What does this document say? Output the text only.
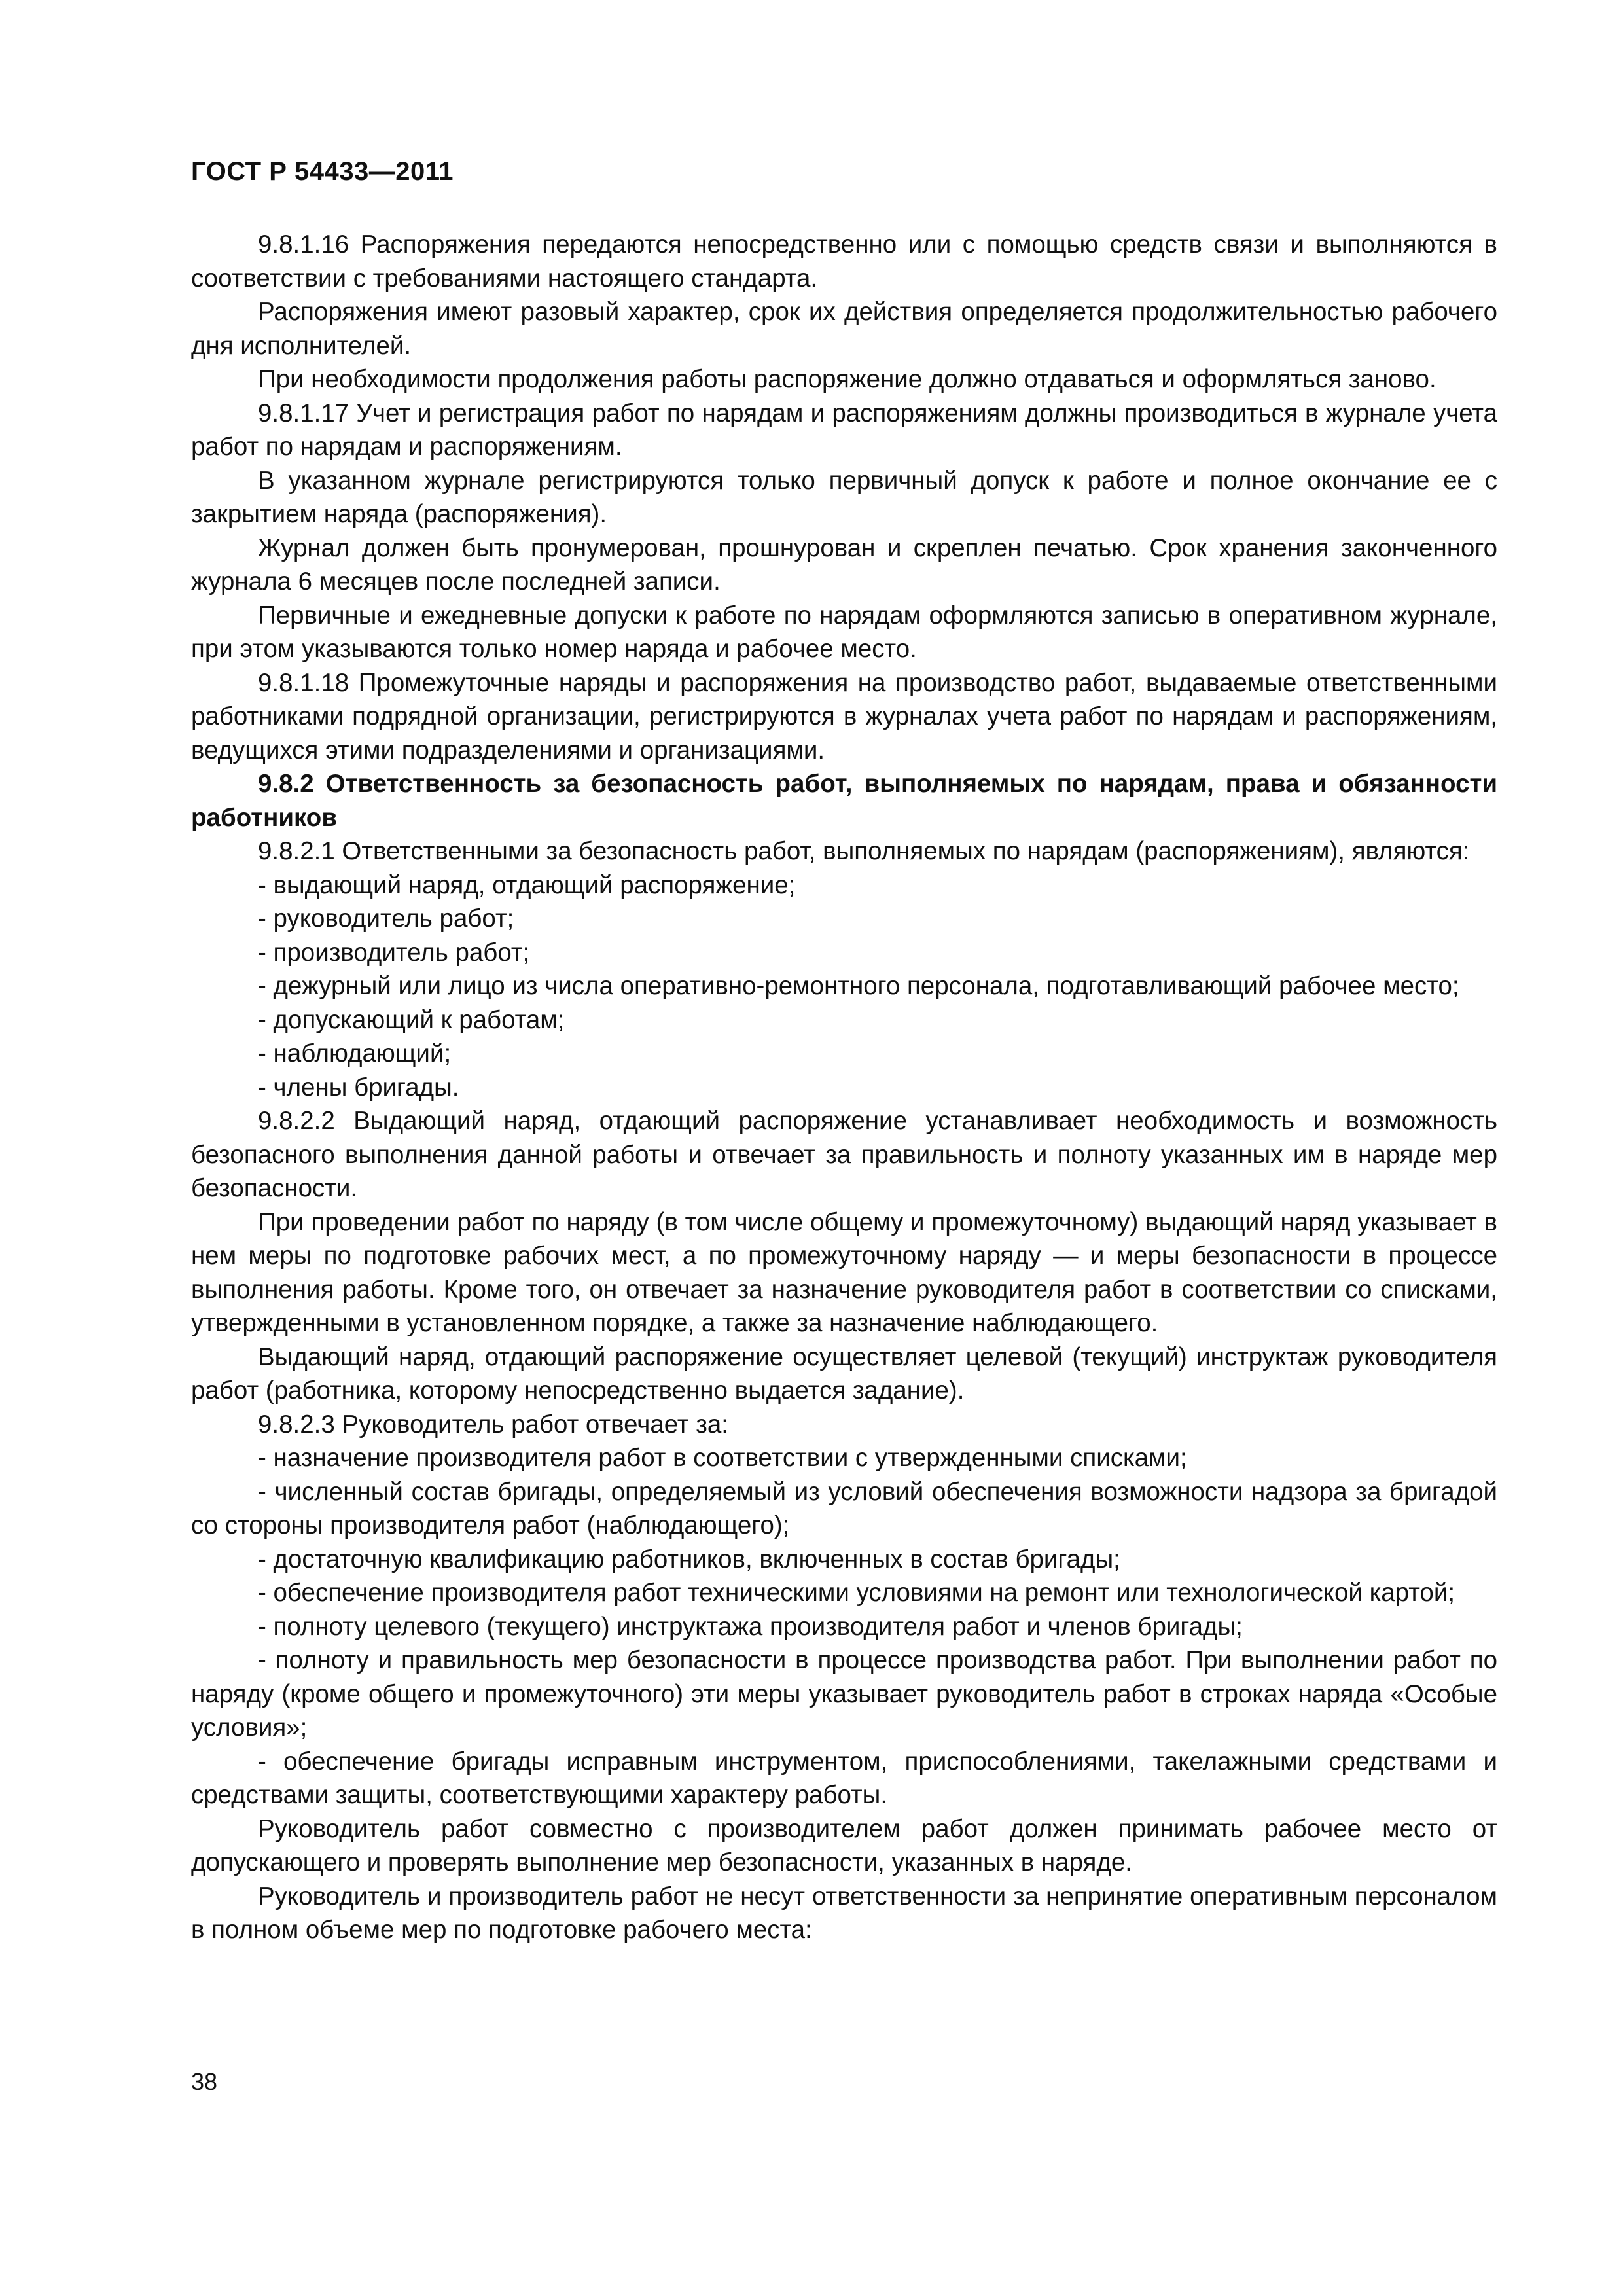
ГОСТ Р 54433—2011

9.8.1.16 Распоряжения передаются непосредственно или с помощью средств связи и выполняются в соответствии с требованиями настоящего стандарта.

Распоряжения имеют разовый характер, срок их действия определяется продолжительностью рабочего дня исполнителей.

При необходимости продолжения работы распоряжение должно отдаваться и оформляться заново.

9.8.1.17 Учет и регистрация работ по нарядам и распоряжениям должны производиться в журнале учета работ по нарядам и распоряжениям.

В указанном журнале регистрируются только первичный допуск к работе и полное окончание ее с закрытием наряда (распоряжения).

Журнал должен быть пронумерован, прошнурован и скреплен печатью. Срок хранения законченного журнала 6 месяцев после последней записи.

Первичные и ежедневные допуски к работе по нарядам оформляются записью в оперативном журнале, при этом указываются только номер наряда и рабочее место.

9.8.1.18 Промежуточные наряды и распоряжения на производство работ, выдаваемые ответственными работниками подрядной организации, регистрируются в журналах учета работ по нарядам и распоряжениям, ведущихся этими подразделениями и организациями.

9.8.2 Ответственность за безопасность работ, выполняемых по нарядам, права и обязанности работников

9.8.2.1 Ответственными за безопасность работ, выполняемых по нарядам (распоряжениям), являются:

- выдающий наряд, отдающий распоряжение;

- руководитель работ;

- производитель работ;

- дежурный или лицо из числа оперативно-ремонтного персонала, подготавливающий рабочее место;

- допускающий к работам;

- наблюдающий;

- члены бригады.

9.8.2.2 Выдающий наряд, отдающий распоряжение устанавливает необходимость и возможность безопасного выполнения данной работы и отвечает за правильность и полноту указанных им в наряде мер безопасности.

При проведении работ по наряду (в том числе общему и промежуточному) выдающий наряд указывает в нем меры по подготовке рабочих мест, а по промежуточному наряду — и меры безопасности в процессе выполнения работы. Кроме того, он отвечает за назначение руководителя работ в соответствии со списками, утвержденными в установленном порядке, а также за назначение наблюдающего.

Выдающий наряд, отдающий распоряжение осуществляет целевой (текущий) инструктаж руководителя работ (работника, которому непосредственно выдается задание).

9.8.2.3 Руководитель работ отвечает за:

- назначение производителя работ в соответствии с утвержденными списками;

- численный состав бригады, определяемый из условий обеспечения возможности надзора за бригадой со стороны производителя работ (наблюдающего);

- достаточную квалификацию работников, включенных в состав бригады;

- обеспечение производителя работ техническими условиями на ремонт или технологической картой;

- полноту целевого (текущего) инструктажа производителя работ и членов бригады;

- полноту и правильность мер безопасности в процессе производства работ. При выполнении работ по наряду (кроме общего и промежуточного) эти меры указывает руководитель работ в строках наряда «Особые условия»;

- обеспечение бригады исправным инструментом, приспособлениями, такелажными средствами и средствами защиты, соответствующими характеру работы.

Руководитель работ совместно с производителем работ должен принимать рабочее место от допускающего и проверять выполнение мер безопасности, указанных в наряде.

Руководитель и производитель работ не несут ответственности за непринятие оперативным персоналом в полном объеме мер по подготовке рабочего места:

38
